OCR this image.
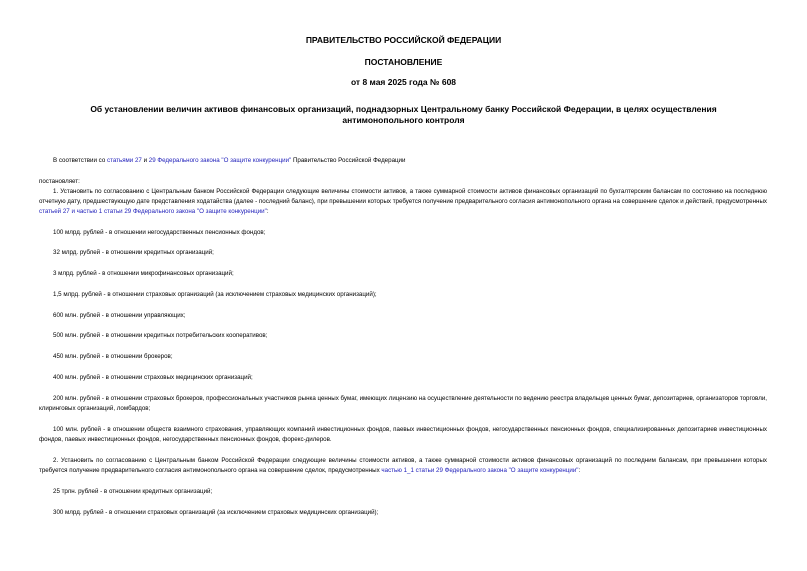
ПРАВИТЕЛЬСТВО РОССИЙСКОЙ ФЕДЕРАЦИИ
ПОСТАНОВЛЕНИЕ
от 8 мая 2025 года № 608
Об установлении величин активов финансовых организаций, поднадзорных Центральному банку Российской Федерации, в целях осуществления антимонопольного контроля
В соответствии со статьями 27 и 29 Федерального закона "О защите конкуренции" Правительство Российской Федерации
постановляет:
1. Установить по согласованию с Центральным банком Российской Федерации следующие величины стоимости активов, а также суммарной стоимости активов финансовых организаций по бухгалтерским балансам по состоянию на последнюю отчетную дату, предшествующую дате представления ходатайства (далее - последний баланс), при превышении которых требуется получение предварительного согласия антимонопольного органа на совершение сделок и действий, предусмотренных статьей 27 и частью 1 статьи 29 Федерального закона "О защите конкуренции":
100 млрд. рублей - в отношении негосударственных пенсионных фондов;
32 млрд. рублей - в отношении кредитных организаций;
3 млрд. рублей - в отношении микрофинансовых организаций;
1,5 млрд. рублей - в отношении страховых организаций (за исключением страховых медицинских организаций);
600 млн. рублей - в отношении управляющих;
500 млн. рублей - в отношении кредитных потребительских кооперативов;
450 млн. рублей - в отношении брокеров;
400 млн. рублей - в отношении страховых медицинских организаций;
200 млн. рублей - в отношении страховых брокеров, профессиональных участников рынка ценных бумаг, имеющих лицензию на осуществление деятельности по ведению реестра владельцев ценных бумаг, депозитариев, организаторов торговли, клиринговых организаций, ломбардов;
100 млн. рублей - в отношении обществ взаимного страхования, управляющих компаний инвестиционных фондов, паевых инвестиционных фондов, негосударственных пенсионных фондов, специализированных депозитариев инвестиционных фондов, паевых инвестиционных фондов, негосударственных пенсионных фондов, форекс-дилеров.
2. Установить по согласованию с Центральным банком Российской Федерации следующие величины стоимости активов, а также суммарной стоимости активов финансовых организаций по последним балансам, при превышении которых требуется получение предварительного согласия антимонопольного органа на совершение сделок, предусмотренных частью 1_1 статьи 29 Федерального закона "О защите конкуренции":
25 трлн. рублей - в отношении кредитных организаций;
300 млрд. рублей - в отношении страховых организаций (за исключением страховых медицинских организаций);
